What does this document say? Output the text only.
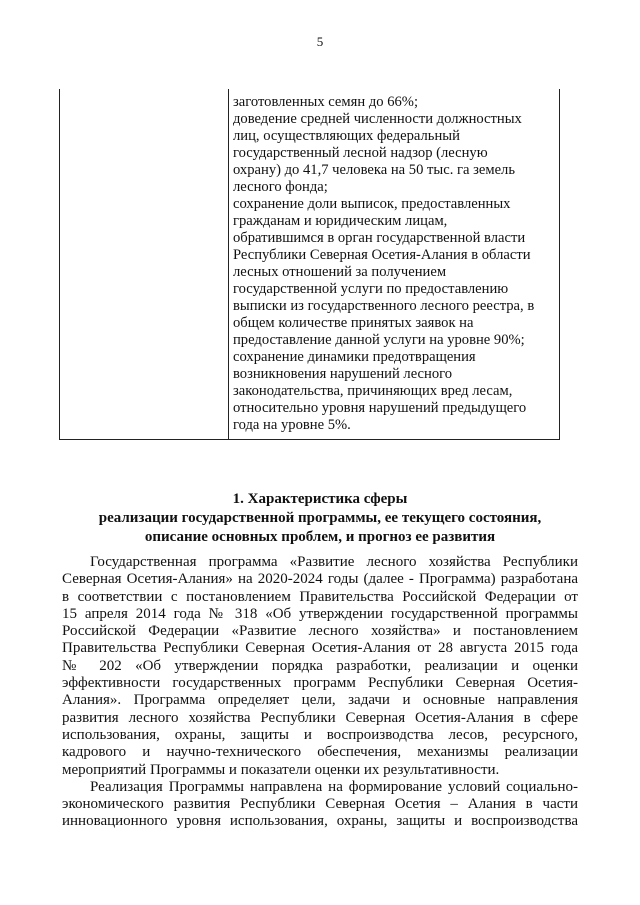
5
заготовленных семян до 66%;
доведение средней численности должностных
лиц, осуществляющих федеральный
государственный лесной надзор (лесную
охрану) до 41,7 человека на 50 тыс. га земель
лесного фонда;
сохранение доли выписок, предоставленных
гражданам и юридическим лицам,
обратившимся в орган государственной власти
Республики Северная Осетия-Алания в области
лесных отношений за получением
государственной услуги по предоставлению
выписки из государственного лесного реестра, в
общем количестве принятых заявок на
предоставление данной услуги на уровне 90%;
сохранение динамики предотвращения
возникновения нарушений лесного
законодательства, причиняющих вред лесам,
относительно уровня нарушений предыдущего
года на уровне 5%.
1. Характеристика сферы
реализации государственной программы, ее текущего состояния,
описание основных проблем, и прогноз ее развития
Государственная программа «Развитие лесного хозяйства Республики
Северная Осетия-Алания» на 2020-2024 годы (далее - Программа) разработана
в соответствии с постановлением Правительства Российской Федерации от
15 апреля 2014 года № 318 «Об утверждении государственной программы
Российской Федерации «Развитие лесного хозяйства» и постановлением
Правительства Республики Северная Осетия-Алания от 28 августа 2015 года
№ 202 «Об утверждении порядка разработки, реализации и оценки
эффективности государственных программ Республики Северная Осетия-
Алания». Программа определяет цели, задачи и основные направления
развития лесного хозяйства Республики Северная Осетия-Алания в сфере
использования, охраны, защиты и воспроизводства лесов, ресурсного,
кадрового и научно-технического обеспечения, механизмы реализации
мероприятий Программы и показатели оценки их результативности.
Реализация Программы направлена на формирование условий социально-
экономического развития Республики Северная Осетия – Алания в части
инновационного уровня использования, охраны, защиты и воспроизводства
